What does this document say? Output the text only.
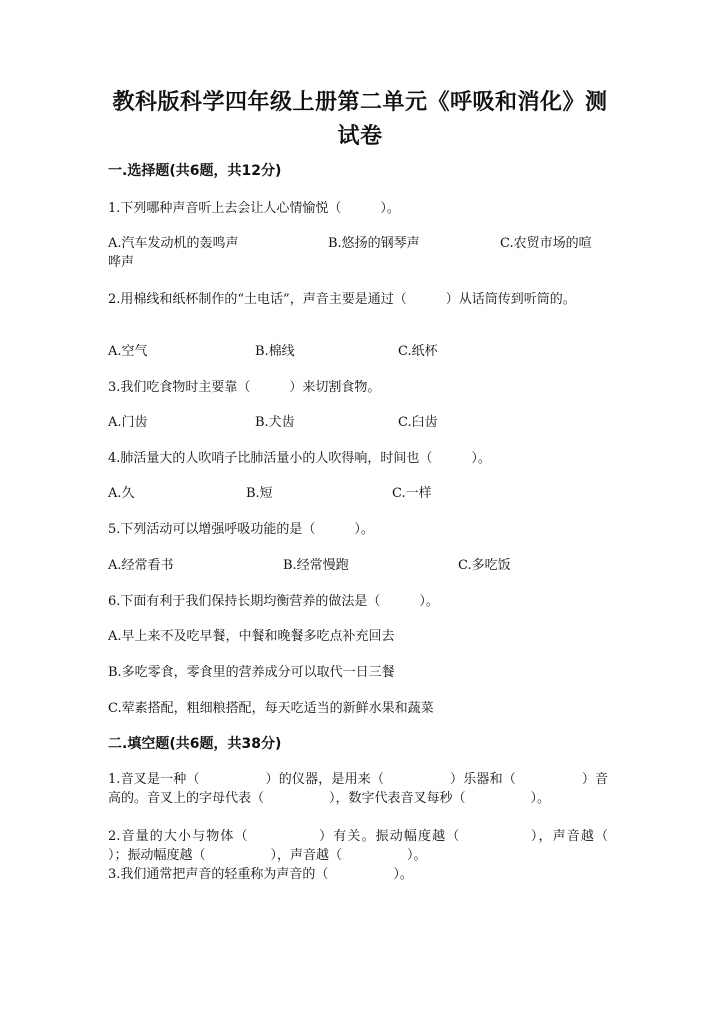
教科版科学四年级上册第二单元《呼吸和消化》测试卷
一.选择题(共6题，共12分)
1.下列哪种声音听上去会让人心情愉悦（　　　）。
A.汽车发动机的轰鸣声	B.悠扬的钢琴声	C.农贸市场的喧
哗声
2.用棉线和纸杯制作的“土电话”，声音主要是通过（　　　）从话筒传到听筒的。
A.空气	B.棉线	C.纸杯
3.我们吃食物时主要靠（　　　）来切割食物。
A.门齿	B.犬齿	C.臼齿
4.肺活量大的人吹哨子比肺活量小的人吹得响，时间也（　　　）。
A.久	B.短	C.一样
5.下列活动可以增强呼吸功能的是（　　　）。
A.经常看书	B.经常慢跑	C.多吃饭
6.下面有利于我们保持长期均衡营养的做法是（　　　）。
A.早上来不及吃早餐，中餐和晚餐多吃点补充回去
B.多吃零食，零食里的营养成分可以取代一日三餐
C.荤素搭配，粗细粮搭配，每天吃适当的新鲜水果和蔬菜
二.填空题(共6题，共38分)
1.音叉是一种（　　　　　）的仪器，是用来（　　　　　）乐器和（　　　　　）音高的。音叉上的字母代表（　　　　　），数字代表音叉每秒（　　　　　）。
2.音量的大小与物体（　　　　　）有关。振动幅度越（　　　　　），声音越（　　　　　）；振动幅度越（　　　　　），声音越（　　　　　）。
3.我们通常把声音的轻重称为声音的（　　　　　）。
